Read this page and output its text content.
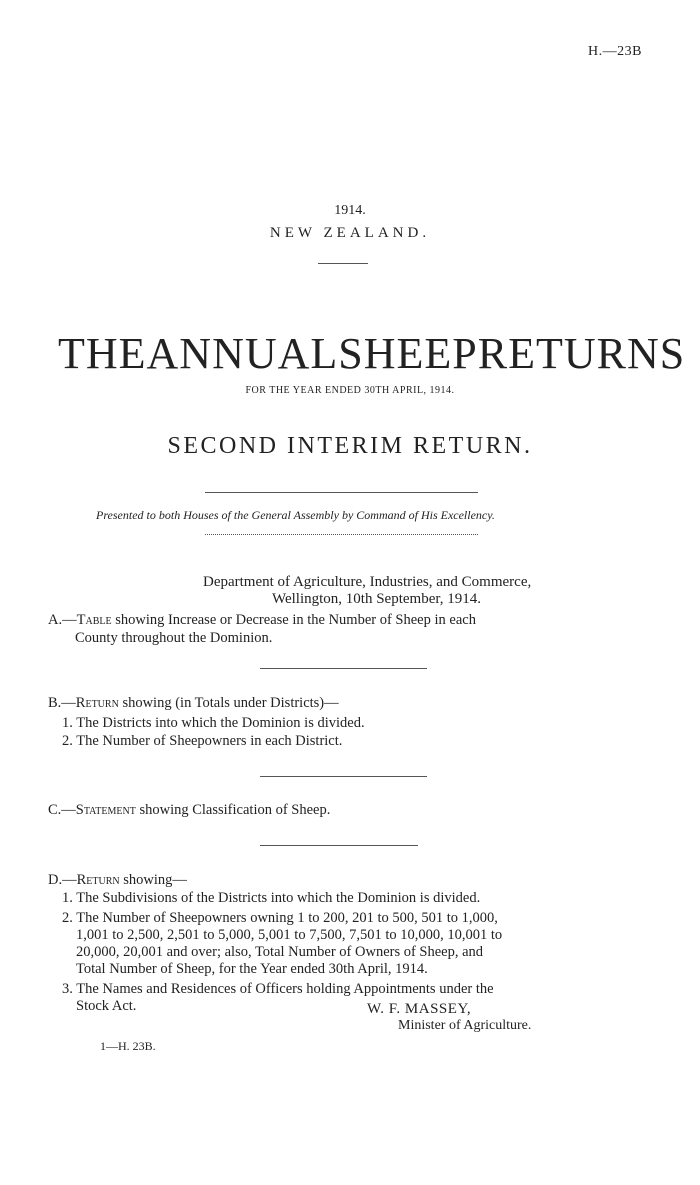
H.—23B
1914.
NEW ZEALAND.
THE ANNUAL SHEEP RETURNS
FOR THE YEAR ENDED 30TH APRIL, 1914.
SECOND INTERIM RETURN.
Presented to both Houses of the General Assembly by Command of His Excellency.
Department of Agriculture, Industries, and Commerce,
Wellington, 10th September, 1914.
A.—Table showing Increase or Decrease in the Number of Sheep in each
County throughout the Dominion.
B.—Return showing (in Totals under Districts)—
1. The Districts into which the Dominion is divided.
2. The Number of Sheepowners in each District.
C.—Statement showing Classification of Sheep.
D.—Return showing—
1. The Subdivisions of the Districts into which the Dominion is divided.
2. The Number of Sheepowners owning 1 to 200, 201 to 500, 501 to 1,000,
1,001 to 2,500, 2,501 to 5,000, 5,001 to 7,500, 7,501 to 10,000, 10,001 to
20,000, 20,001 and over; also, Total Number of Owners of Sheep, and
Total Number of Sheep, for the Year ended 30th April, 1914.
3. The Names and Residences of Officers holding Appointments under the
Stock Act.	W. F. MASSEY,
Minister of Agriculture.
1—H. 23B.
